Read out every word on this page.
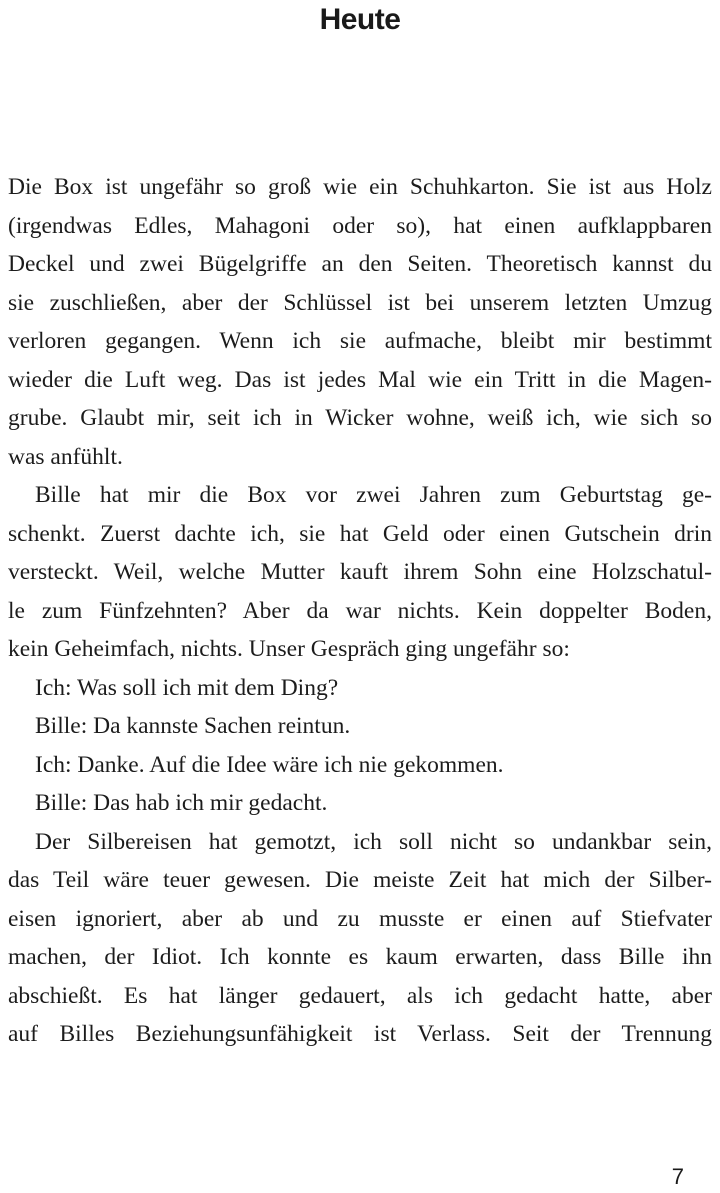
Heute
Die Box ist ungefähr so groß wie ein Schuhkarton. Sie ist aus Holz
(irgendwas Edles, Mahagoni oder so), hat einen aufklappbaren
Deckel und zwei Bügelgriffe an den Seiten. Theoretisch kannst du
sie zuschließen, aber der Schlüssel ist bei unserem letzten Umzug
verloren gegangen. Wenn ich sie aufmache, bleibt mir bestimmt
wieder die Luft weg. Das ist jedes Mal wie ein Tritt in die Magen-
grube. Glaubt mir, seit ich in Wicker wohne, weiß ich, wie sich so
was anfühlt.
Bille hat mir die Box vor zwei Jahren zum Geburtstag ge-
schenkt. Zuerst dachte ich, sie hat Geld oder einen Gutschein drin
versteckt. Weil, welche Mutter kauft ihrem Sohn eine Holzschatul-
le zum Fünfzehnten? Aber da war nichts. Kein doppelter Boden,
kein Geheimfach, nichts. Unser Gespräch ging ungefähr so:
Ich: Was soll ich mit dem Ding?
Bille: Da kannste Sachen reintun.
Ich: Danke. Auf die Idee wäre ich nie gekommen.
Bille: Das hab ich mir gedacht.
Der Silbereisen hat gemotzt, ich soll nicht so undankbar sein,
das Teil wäre teuer gewesen. Die meiste Zeit hat mich der Silber-
eisen ignoriert, aber ab und zu musste er einen auf Stiefvater
machen, der Idiot. Ich konnte es kaum erwarten, dass Bille ihn
abschießt. Es hat länger gedauert, als ich gedacht hatte, aber
auf Billes Beziehungsunfähigkeit ist Verlass. Seit der Trennung
7
